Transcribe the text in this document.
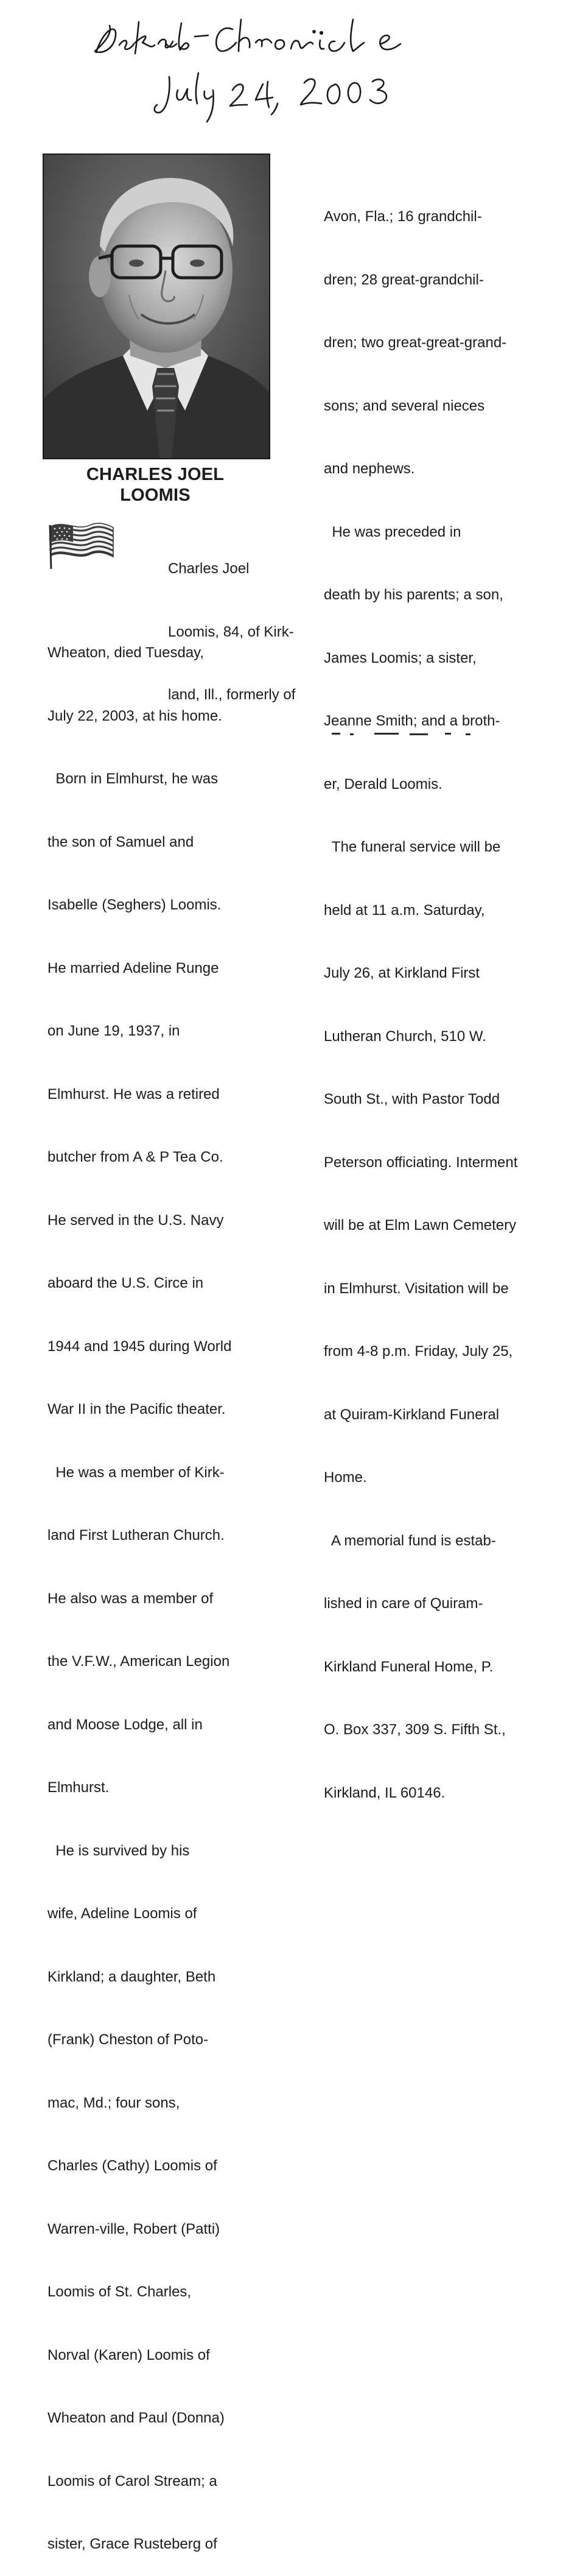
CHARLES JOEL
LOOMIS

Charles Joel

Loomis, 84, of Kirk-

land, Ill., formerly of

Wheaton, died Tuesday,

July 22, 2003, at his home.

Born in Elmhurst, he was

the son of Samuel and

Isabelle (Seghers) Loomis.

He married Adeline Runge

on June 19, 1937, in

Elmhurst. He was a retired

butcher from A & P Tea Co.

He served in the U.S. Navy

aboard the U.S. Circe in

1944 and 1945 during World

War II in the Pacific theater.

He was a member of Kirk-

land First Lutheran Church.

He also was a member of

the V.F.W., American Legion

and Moose Lodge, all in

Elmhurst.

He is survived by his

wife, Adeline Loomis of

Kirkland; a daughter, Beth

(Frank) Cheston of Poto-

mac, Md.; four sons,

Charles (Cathy) Loomis of

Warren-ville, Robert (Patti)

Loomis of St. Charles,

Norval (Karen) Loomis of

Wheaton and Paul (Donna)

Loomis of Carol Stream; a

sister, Grace Rusteberg of

Avon, Fla.; 16 grandchil-

dren; 28 great-grandchil-

dren; two great-great-grand-

sons; and several nieces

and nephews.

He was preceded in

death by his parents; a son,

James Loomis; a sister,

Jeanne Smith; and a broth-

er, Derald Loomis.

The funeral service will be

held at 11 a.m. Saturday,

July 26, at Kirkland First

Lutheran Church, 510 W.

South St., with Pastor Todd

Peterson officiating. Interment

will be at Elm Lawn Cemetery

in Elmhurst. Visitation will be

from 4-8 p.m. Friday, July 25,

at Quiram-Kirkland Funeral

Home.

A memorial fund is estab-

lished in care of Quiram-

Kirkland Funeral Home, P.

O. Box 337, 309 S. Fifth St.,

Kirkland, IL 60146.
